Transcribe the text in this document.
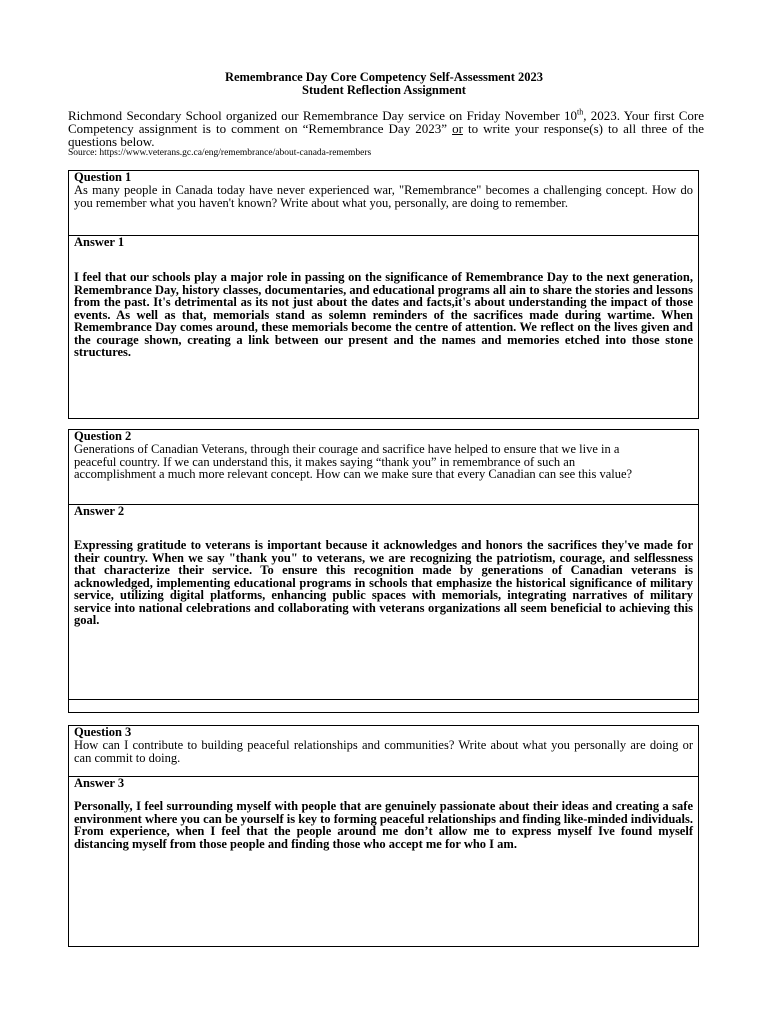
Remembrance Day Core Competency Self-Assessment 2023
Student Reflection Assignment
Richmond Secondary School organized our Remembrance Day service on Friday November 10th, 2023. Your first Core Competency assignment is to comment on “Remembrance Day 2023” or to write your response(s) to all three of the questions below.
Source: https://www.veterans.gc.ca/eng/remembrance/about-canada-remembers
Question 1
As many people in Canada today have never experienced war, "Remembrance" becomes a challenging concept. How do you remember what you haven't known? Write about what you, personally, are doing to remember.
Answer 1
I feel that our schools play a major role in passing on the significance of Remembrance Day to the next generation, Remembrance Day, history classes, documentaries, and educational programs all ain to share the stories and lessons from the past. It's detrimental as its not just about the dates and facts,it's about understanding the impact of those events. As well as that, memorials stand as solemn reminders of the sacrifices made during wartime. When Remembrance Day comes around, these memorials become the centre of attention. We reflect on the lives given and the courage shown, creating a link between our present and the names and memories etched into those stone structures.
Question 2
Generations of Canadian Veterans, through their courage and sacrifice have helped to ensure that we live in a peaceful country. If we can understand this, it makes saying “thank you” in remembrance of such an accomplishment a much more relevant concept. How can we make sure that every Canadian can see this value?
Answer 2
Expressing gratitude to veterans is important because it acknowledges and honors the sacrifices they've made for their country. When we say "thank you" to veterans, we are recognizing the patriotism, courage, and selflessness that characterize their service. To ensure this recognition made by generations of Canadian veterans is acknowledged, implementing educational programs in schools that emphasize the historical significance of military service, utilizing digital platforms, enhancing public spaces with memorials, integrating narratives of military service into national celebrations and collaborating with veterans organizations all seem beneficial to achieving this goal.
Question 3
How can I contribute to building peaceful relationships and communities? Write about what you personally are doing or can commit to doing.
Answer 3
Personally, I feel surrounding myself with people that are genuinely passionate about their ideas and creating a safe environment where you can be yourself is key to forming peaceful relationships and finding like-minded individuals. From experience, when I feel that the people around me don’t allow me to express myself Ive found myself distancing myself from those people and finding those who accept me for who I am.
